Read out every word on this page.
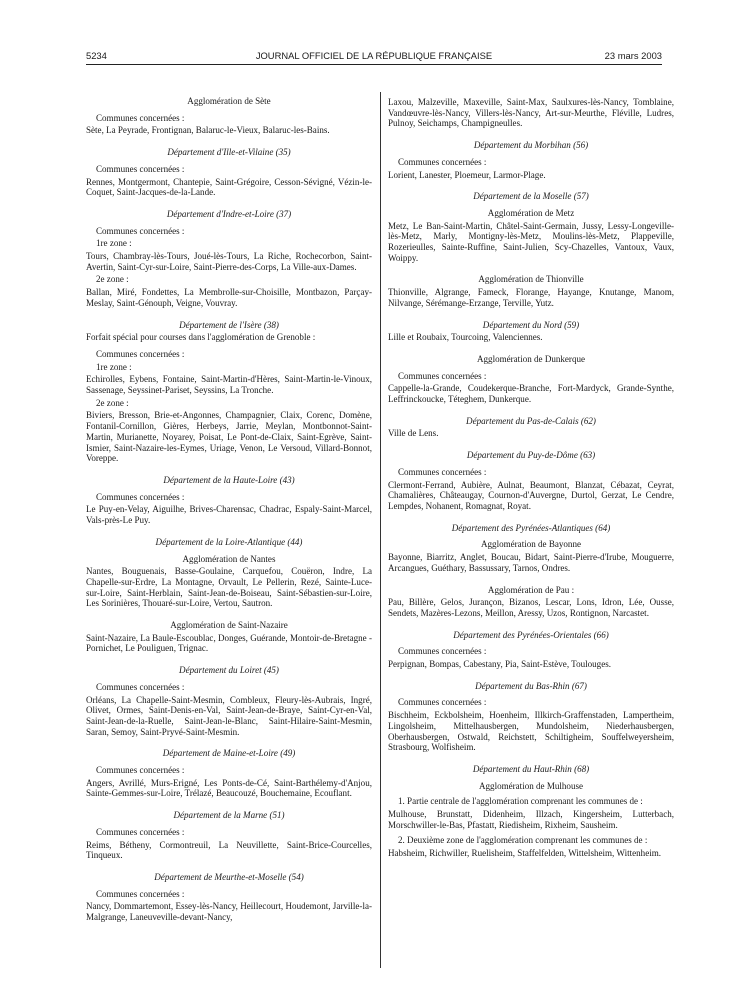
5234	JOURNAL OFFICIEL DE LA RÉPUBLIQUE FRANÇAISE	23 mars 2003
Agglomération de Sète
Communes concernées :
Sète, La Peyrade, Frontignan, Balaruc-le-Vieux, Balaruc-les-Bains.
Département d'Ille-et-Vilaine (35)
Communes concernées :
Rennes, Montgermont, Chantepie, Saint-Grégoire, Cesson-Sévigné, Vézin-le-Coquet, Saint-Jacques-de-la-Lande.
Département d'Indre-et-Loire (37)
Communes concernées :
1re zone :
Tours, Chambray-lès-Tours, Joué-lès-Tours, La Riche, Rochecorbon, Saint-Avertin, Saint-Cyr-sur-Loire, Saint-Pierre-des-Corps, La Ville-aux-Dames.
2e zone :
Ballan, Miré, Fondettes, La Membrolle-sur-Choisille, Montbazon, Parçay-Meslay, Saint-Génouph, Veigne, Vouvray.
Département de l'Isère (38)
Forfait spécial pour courses dans l'agglomération de Grenoble :
Communes concernées :
1re zone :
Echirolles, Eybens, Fontaine, Saint-Martin-d'Hères, Saint-Martin-le-Vinoux, Sassenage, Seyssinet-Pariset, Seyssins, La Tronche.
2e zone :
Biviers, Bresson, Brie-et-Angonnes, Champagnier, Claix, Corenc, Domène, Fontanil-Cornillon, Gières, Herbeys, Jarrie, Meylan, Montbonnot-Saint-Martin, Murianette, Noyarey, Poisat, Le Pont-de-Claix, Saint-Egrève, Saint-Ismier, Saint-Nazaire-les-Eymes, Uriage, Venon, Le Versoud, Villard-Bonnot, Voreppe.
Département de la Haute-Loire (43)
Communes concernées :
Le Puy-en-Velay, Aiguilhe, Brives-Charensac, Chadrac, Espaly-Saint-Marcel, Vals-près-Le Puy.
Département de la Loire-Atlantique (44)
Agglomération de Nantes
Nantes, Bouguenais, Basse-Goulaine, Carquefou, Couëron, Indre, La Chapelle-sur-Erdre, La Montagne, Orvault, Le Pellerin, Rezé, Sainte-Luce-sur-Loire, Saint-Herblain, Saint-Jean-de-Boiseau, Saint-Sébastien-sur-Loire, Les Sorinières, Thouaré-sur-Loire, Vertou, Sautron.
Agglomération de Saint-Nazaire
Saint-Nazaire, La Baule-Escoublac, Donges, Guérande, Montoir-de-Bretagne - Pornichet, Le Pouliguen, Trignac.
Département du Loiret (45)
Communes concernées :
Orléans, La Chapelle-Saint-Mesmin, Combleux, Fleury-lès-Aubrais, Ingré, Olivet, Ormes, Saint-Denis-en-Val, Saint-Jean-de-Braye, Saint-Cyr-en-Val, Saint-Jean-de-la-Ruelle, Saint-Jean-le-Blanc, Saint-Hilaire-Saint-Mesmin, Saran, Semoy, Saint-Pryvé-Saint-Mesmin.
Département de Maine-et-Loire (49)
Communes concernées :
Angers, Avrillé, Murs-Erigné, Les Ponts-de-Cé, Saint-Barthélemy-d'Anjou, Sainte-Gemmes-sur-Loire, Trélazé, Beaucouzé, Bouchemaine, Ecouflant.
Département de la Marne (51)
Communes concernées :
Reims, Bétheny, Cormontreuil, La Neuvillette, Saint-Brice-Courcelles, Tinqueux.
Département de Meurthe-et-Moselle (54)
Communes concernées :
Nancy, Dommartemont, Essey-lès-Nancy, Heillecourt, Houdemont, Jarville-la-Malgrange, Laneuveville-devant-Nancy,
Laxou, Malzeville, Maxeville, Saint-Max, Saulxures-lès-Nancy, Tomblaine, Vandœuvre-lès-Nancy, Villers-lès-Nancy, Art-sur-Meurthe, Fléville, Ludres, Pulnoy, Seichamps, Champigneulles.
Département du Morbihan (56)
Communes concernées :
Lorient, Lanester, Ploemeur, Larmor-Plage.
Département de la Moselle (57)
Agglomération de Metz
Metz, Le Ban-Saint-Martin, Châtel-Saint-Germain, Jussy, Lessy-Longeville-lès-Metz, Marly, Montigny-lès-Metz, Moulins-lès-Metz, Plappeville, Rozerieulles, Sainte-Ruffine, Saint-Julien, Scy-Chazelles, Vantoux, Vaux, Woippy.
Agglomération de Thionville
Thionville, Algrange, Fameck, Florange, Hayange, Knutange, Manom, Nilvange, Sérémange-Erzange, Terville, Yutz.
Département du Nord (59)
Lille et Roubaix, Tourcoing, Valenciennes.
Agglomération de Dunkerque
Communes concernées :
Cappelle-la-Grande, Coudekerque-Branche, Fort-Mardyck, Grande-Synthe, Leffrinckoucke, Téteghem, Dunkerque.
Département du Pas-de-Calais (62)
Ville de Lens.
Département du Puy-de-Dôme (63)
Communes concernées :
Clermont-Ferrand, Aubière, Aulnat, Beaumont, Blanzat, Cébazat, Ceyrat, Chamalières, Châteaugay, Cournon-d'Auvergne, Durtol, Gerzat, Le Cendre, Lempdes, Nohanent, Romagnat, Royat.
Département des Pyrénées-Atlantiques (64)
Agglomération de Bayonne
Bayonne, Biarritz, Anglet, Boucau, Bidart, Saint-Pierre-d'Irube, Mouguerre, Arcangues, Guéthary, Bassussary, Tarnos, Ondres.
Agglomération de Pau :
Pau, Billère, Gelos, Jurançon, Bizanos, Lescar, Lons, Idron, Lée, Ousse, Sendets, Mazères-Lezons, Meillon, Aressy, Uzos, Rontignon, Narcastet.
Département des Pyrénées-Orientales (66)
Communes concernées :
Perpignan, Bompas, Cabestany, Pia, Saint-Estève, Toulouges.
Département du Bas-Rhin (67)
Communes concernées :
Bischheim, Eckbolsheim, Hoenheim, Illkirch-Graffenstaden, Lampertheim, Lingolsheim, Mittelhausbergen, Mundolsheim, Niederhausbergen, Oberhausbergen, Ostwald, Reichstett, Schiltigheim, Souffelweyersheim, Strasbourg, Wolfisheim.
Département du Haut-Rhin (68)
Agglomération de Mulhouse
1. Partie centrale de l'agglomération comprenant les communes de :
Mulhouse, Brunstatt, Didenheim, Illzach, Kingersheim, Lutterbach, Morschwiller-le-Bas, Pfastatt, Riedisheim, Rixheim, Sausheim.
2. Deuxième zone de l'agglomération comprenant les communes de :
Habsheim, Richwiller, Ruelisheim, Staffelfelden, Wittelsheim, Wittenheim.
